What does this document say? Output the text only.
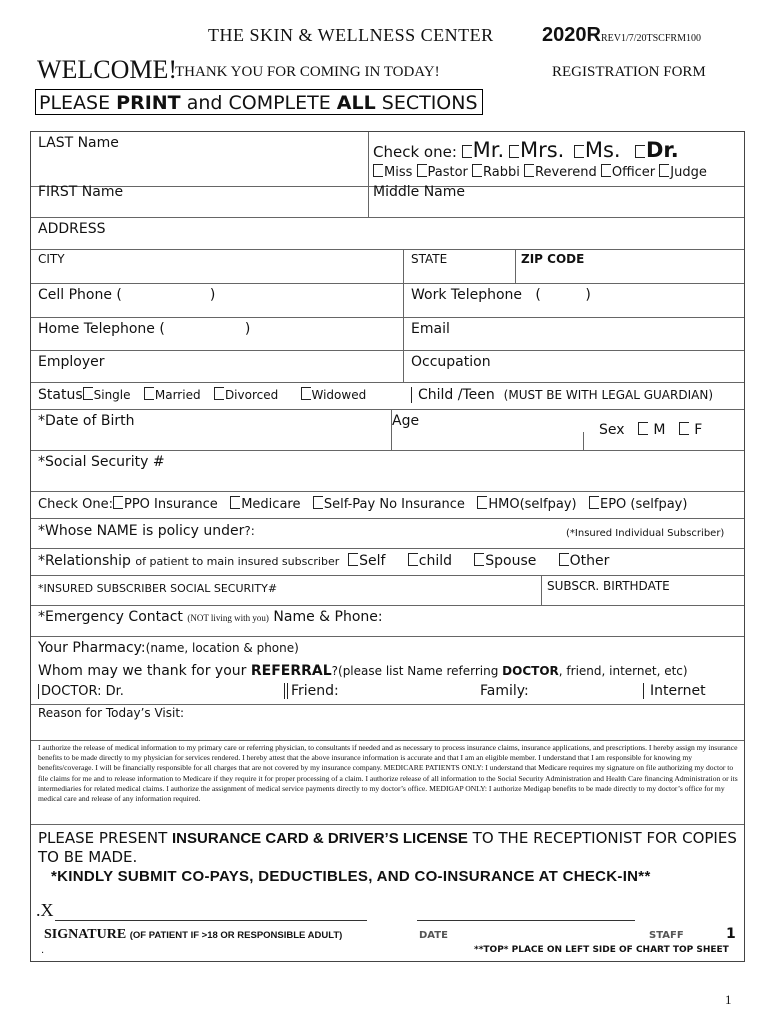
THE SKIN & WELLNESS CENTER 2020RREV1/7/20TSCFRM100
WELCOME!
THANK YOU FOR COMING IN TODAY!	REGISTRATION FORM
PLEASE PRINT and COMPLETE ALL SECTIONS
LAST Name	Check one: Mr. Mrs. Ms. Dr.
Miss Pastor Rabbi Reverend Officer Judge
FIRST Name	Middle Name
ADDRESS
CITY	STATE	ZIP CODE
Cell Phone (	)	Work Telephone (          )
Home Telephone (	)	Email
Employer	Occupation
Status Single Married Divorced	Widowed	Child /Teen (MUST BE WITH LEGAL GUARDIAN)
*Date of Birth	Age
Sex M F
*Social Security #
Check One: PPO Insurance Medicare Self-Pay No Insurance HMO(selfpay) EPO (selfpay)
*Whose NAME is policy under?:	(*Insured Individual Subscriber)
*Relationship of patient to main insured subscriber Self child Spouse Other
*INSURED SUBSCRIBER SOCIAL SECURITY#	SUBSCR. BIRTHDATE
*Emergency Contact (NOT living with you) Name & Phone:
Your Pharmacy:(name, location & phone)
Whom may we thank for your REFERRAL?(please list Name referring DOCTOR, friend, internet, etc)
DOCTOR: Dr.	Friend:	Family:	Internet
Reason for Today’s Visit:
I authorize the release of medical information to my primary care or referring physician, to consultants if needed and as necessary to process insurance claims, insurance applications, and prescriptions. I hereby assign my insurance benefits to be made directly to my physician for services rendered. I hereby attest that the above insurance information is accurate and that I am an eligible member. I understand that I am responsible for knowing my benefits/coverage. I will be financially responsible for all charges that are not covered by my insurance company. MEDICARE PATIENTS ONLY: I understand that Medicare requires my signature on file authorizing my doctor to file claims for me and to release information to Medicare if they require it for proper processing of a claim. I authorize release of all information to the Social Security Administration and Health Care financing Administration or its intermediaries for related medical claims. I authorize the assignment of medical service payments directly to my doctor’s office. MEDIGAP ONLY: I authorize Medigap benefits to be made directly to my doctor’s office for my medical care and release of any information required.
PLEASE PRESENT INSURANCE CARD & DRIVER’S LICENSE TO THE RECEPTIONIST FOR COPIES TO BE MADE.
*KINDLY SUBMIT CO-PAYS, DEDUCTIBLES, AND CO-INSURANCE AT CHECK-IN**
.X
SIGNATURE (OF PATIENT IF >18 OR RESPONSIBLE ADULT)	DATE	STAFF	1
**TOP* PLACE ON LEFT SIDE OF CHART TOP SHEET
.
1
